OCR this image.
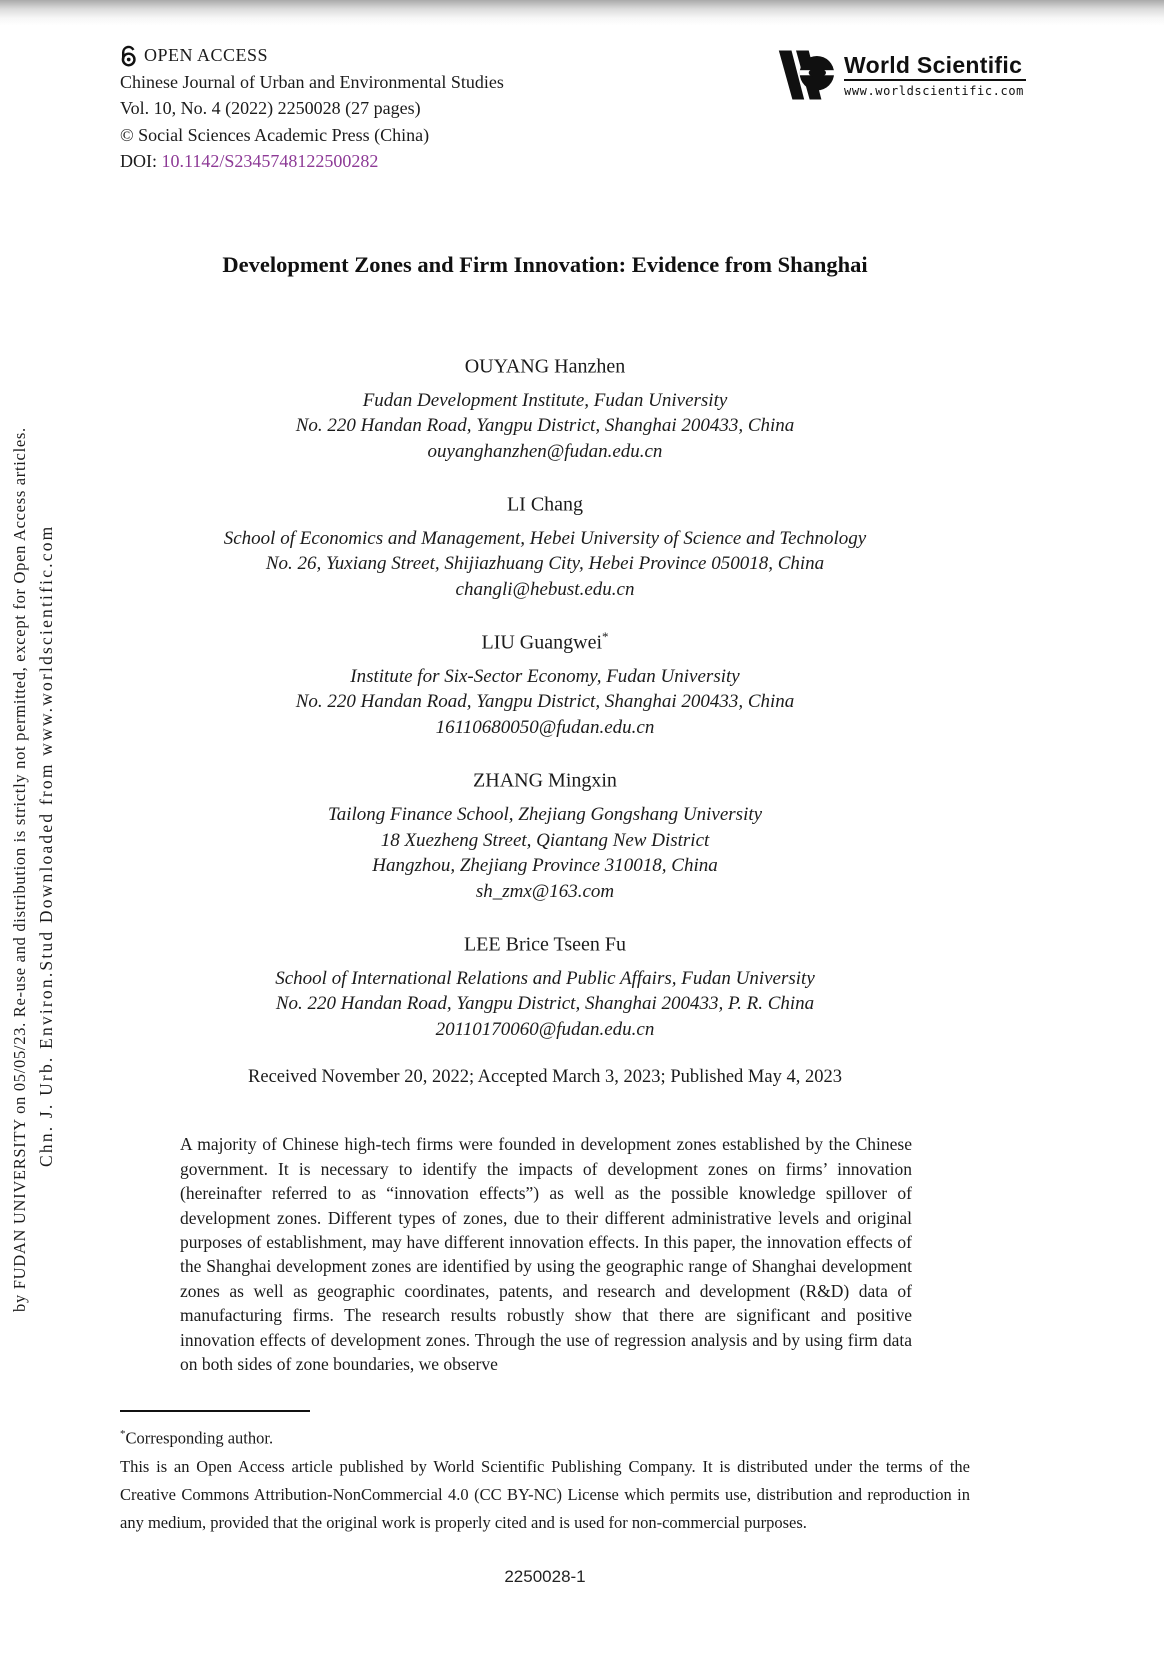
Chn. J. Urb. Environ.Stud Downloaded from www.worldscientific.com
by FUDAN UNIVERSITY on 05/05/23. Re-use and distribution is strictly not permitted, except for Open Access articles.
OPEN ACCESS
Chinese Journal of Urban and Environmental Studies
Vol. 10, No. 4 (2022) 2250028 (27 pages)
© Social Sciences Academic Press (China)
DOI: 10.1142/S2345748122500282
World Scientific
www.worldscientific.com
Development Zones and Firm Innovation: Evidence from Shanghai
OUYANG Hanzhen
Fudan Development Institute, Fudan University
No. 220 Handan Road, Yangpu District, Shanghai 200433, China
ouyanghanzhen@fudan.edu.cn
LI Chang
School of Economics and Management, Hebei University of Science and Technology
No. 26, Yuxiang Street, Shijiazhuang City, Hebei Province 050018, China
changli@hebust.edu.cn
LIU Guangwei*
Institute for Six-Sector Economy, Fudan University
No. 220 Handan Road, Yangpu District, Shanghai 200433, China
16110680050@fudan.edu.cn
ZHANG Mingxin
Tailong Finance School, Zhejiang Gongshang University
18 Xuezheng Street, Qiantang New District
Hangzhou, Zhejiang Province 310018, China
sh_zmx@163.com
LEE Brice Tseen Fu
School of International Relations and Public Affairs, Fudan University
No. 220 Handan Road, Yangpu District, Shanghai 200433, P. R. China
20110170060@fudan.edu.cn
Received November 20, 2022; Accepted March 3, 2023; Published May 4, 2023
A majority of Chinese high-tech firms were founded in development zones established by the Chinese government. It is necessary to identify the impacts of development zones on firms’ innovation (hereinafter referred to as “innovation effects”) as well as the possible knowledge spillover of development zones. Different types of zones, due to their different administrative levels and original purposes of establishment, may have different innovation effects. In this paper, the innovation effects of the Shanghai development zones are identified by using the geographic range of Shanghai development zones as well as geographic coordinates, patents, and research and development (R&D) data of manufacturing firms. The research results robustly show that there are significant and positive innovation effects of development zones. Through the use of regression analysis and by using firm data on both sides of zone boundaries, we observe
*Corresponding author.
This is an Open Access article published by World Scientific Publishing Company. It is distributed under the terms of the Creative Commons Attribution-NonCommercial 4.0 (CC BY-NC) License which permits use, distribution and reproduction in any medium, provided that the original work is properly cited and is used for non-commercial purposes.
2250028-1
